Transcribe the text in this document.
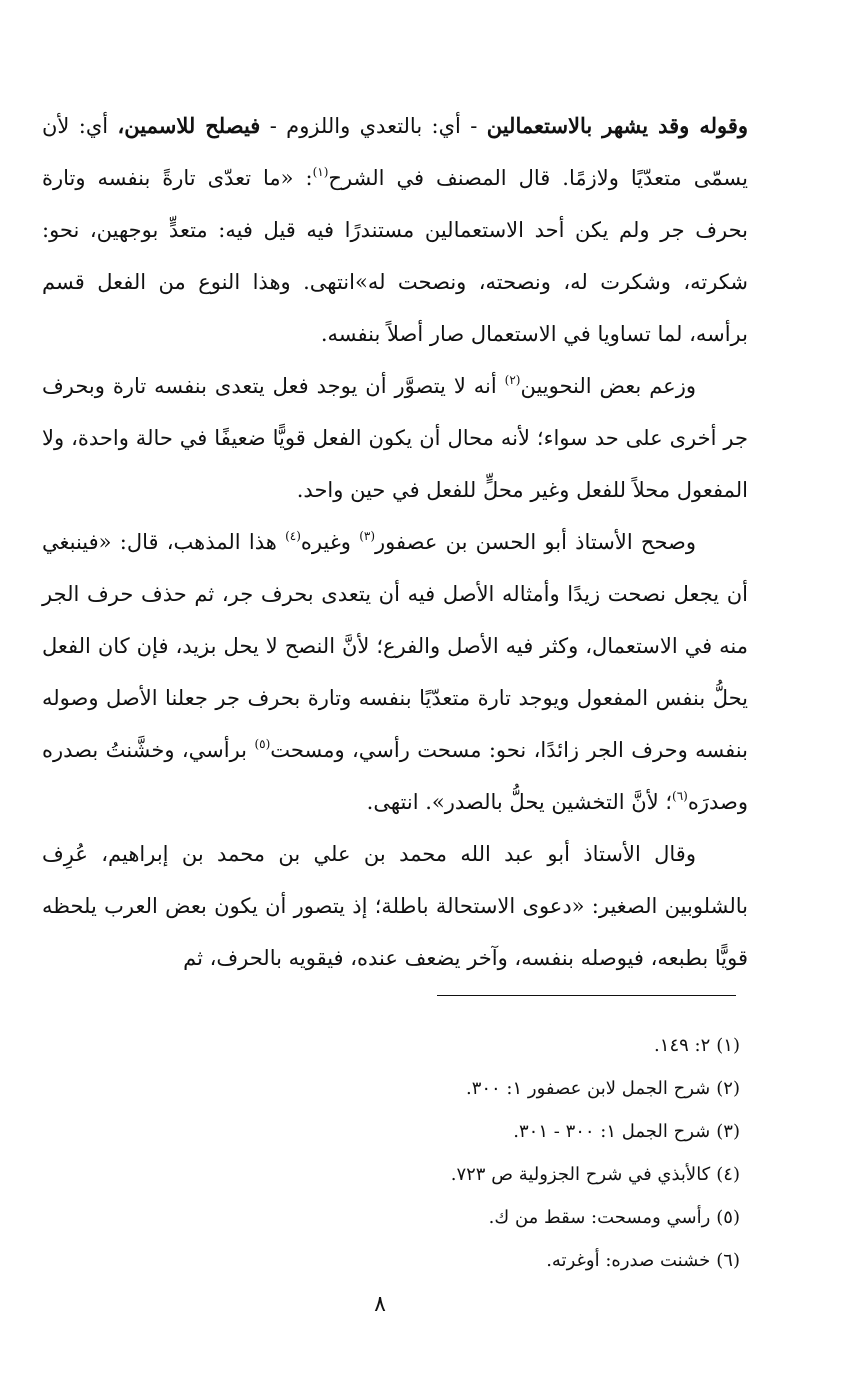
وقوله وقد يشهر بالاستعمالين - أي: بالتعدي واللزوم - فيصلح للاسمين، أي: لأن يسمّى متعدّيًا ولازمًا. قال المصنف في الشرح$^{(١)}$: «ما تعدّى تارةً بنفسه وتارة بحرف جر ولم يكن أحد الاستعمالين مستندرًا فيه قيل فيه: متعدٍّ بوجهين، نحو: شكرته، وشكرت له، ونصحته، ونصحت له»انتهى. وهذا النوع من الفعل قسم برأسه، لما تساويا في الاستعمال صار أصلاً بنفسه.

وزعم بعض النحويين$^{(٢)}$ أنه لا يتصوَّر أن يوجد فعل يتعدى بنفسه تارة وبحرف جر أخرى على حد سواء؛ لأنه محال أن يكون الفعل قويًّا ضعيفًا في حالة واحدة، ولا المفعول محلاً للفعل وغير محلٍّ للفعل في حين واحد.

وصحح الأستاذ أبو الحسن بن عصفور$^{(٣)}$ وغيره$^{(٤)}$ هذا المذهب، قال: «فينبغي أن يجعل نصحت زيدًا وأمثاله الأصل فيه أن يتعدى بحرف جر، ثم حذف حرف الجر منه في الاستعمال، وكثر فيه الأصل والفرع؛ لأنَّ النصح لا يحل بزيد، فإن كان الفعل يحلُّ بنفس المفعول ويوجد تارة متعدّيًا بنفسه وتارة بحرف جر جعلنا الأصل وصوله بنفسه وحرف الجر زائدًا، نحو: مسحت رأسي، ومسحت$^{(٥)}$ برأسي، وخشَّنتُ بصدره وصدرَه$^{(٦)}$؛ لأنَّ التخشين يحلُّ بالصدر». انتهى.

وقال الأستاذ أبو عبد الله محمد بن علي بن محمد بن إبراهيم، عُرِف بالشلوبين الصغير: «دعوى الاستحالة باطلة؛ إذ يتصور أن يكون بعض العرب يلحظه قويًّا بطبعه، فيوصله بنفسه، وآخر يضعف عنده، فيقويه بالحرف، ثم

(١)٢: ١٤٩.

(٢)شرح الجمل لابن عصفور ١: ٣٠٠.

(٣)شرح الجمل ١: ٣٠٠ - ٣٠١.

(٤)كالأبذي في شرح الجزولية ص ٧٢٣.

(٥)رأسي ومسحت: سقط من ك.

(٦)خشنت صدره: أوغرته.

٨
